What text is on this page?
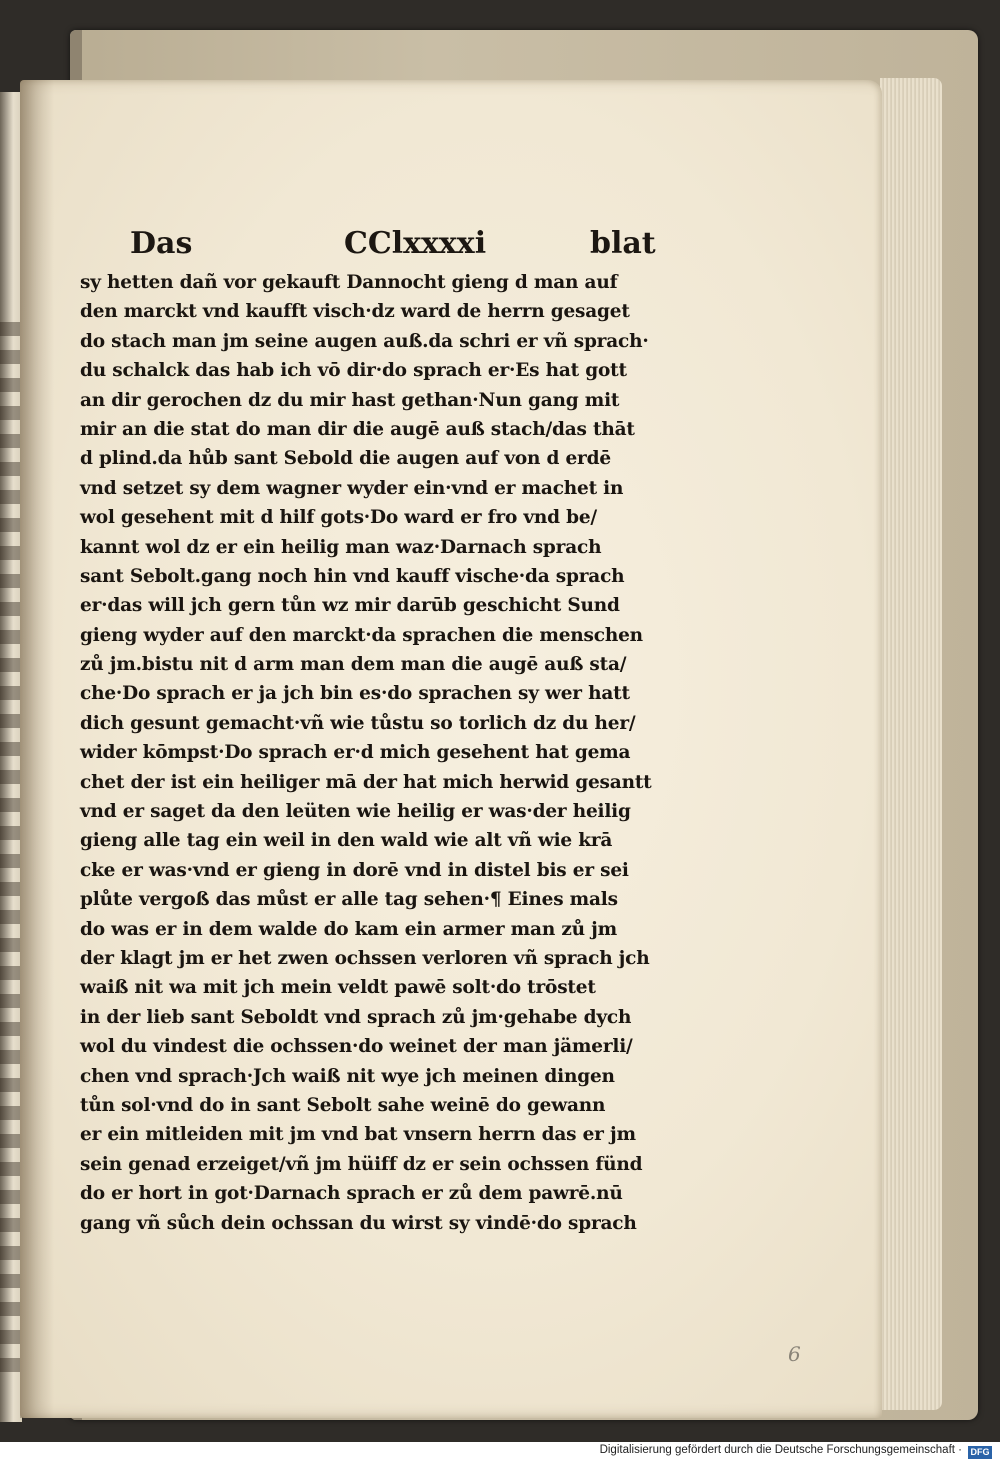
Das	CClxxxxi	blat
sy hetten dañ vor gekauft Dannocht gieng d man auf
den marckt vnd kaufft visch·dz ward de herrn gesaget
do stach man jm seine augen auß.da schri er vñ sprach·
du schalck das hab ich vō dir·do sprach er·Es hat gott
an dir gerochen dz du mir hast gethan·Nun gang mit
mir an die stat do man dir die augē auß stach/das thāt
d plind.da hůb sant Sebold die augen auf von d erdē
vnd setzet sy dem wagner wyder ein·vnd er machet in
wol gesehent mit d hilf gots·Do ward er fro vnd be/
kannt wol dz er ein heilig man waz·Darnach sprach
sant Sebolt.gang noch hin vnd kauff vische·da sprach
er·das will jch gern tůn wz mir darūb geschicht Sund
gieng wyder auf den marckt·da sprachen die menschen
zů jm.bistu nit d arm man dem man die augē auß sta/
che·Do sprach er ja jch bin es·do sprachen sy wer hatt
dich gesunt gemacht·vñ wie tůstu so torlich dz du her/
wider kōmpst·Do sprach er·d mich gesehent hat gema
chet der ist ein heiliger mā der hat mich herwid gesantt
vnd er saget da den leüten wie heilig er was·der heilig
gieng alle tag ein weil in den wald wie alt vñ wie krā
cke er was·vnd er gieng in dorē vnd in distel bis er sei
plůte vergoß das můst er alle tag sehen·¶ Eines mals
do was er in dem walde do kam ein armer man zů jm
der klagt jm er het zwen ochssen verloren vñ sprach jch
waiß nit wa mit jch mein veldt pawē solt·do trōstet
in der lieb sant Seboldt vnd sprach zů jm·gehabe dych
wol du vindest die ochssen·do weinet der man jämerli/
chen vnd sprach·Jch waiß nit wye jch meinen dingen
tůn sol·vnd do in sant Sebolt sahe weinē do gewann
er ein mitleiden mit jm vnd bat vnsern herrn das er jm
sein genad erzeiget/vñ jm hüiff dz er sein ochssen fünd
do er hort in got·Darnach sprach er zů dem pawrē.nū
gang vñ sůch dein ochssan du wirst sy vindē·do sprach
6
Digitalisierung gefördert durch die Deutsche Forschungsgemeinschaft · DFG
